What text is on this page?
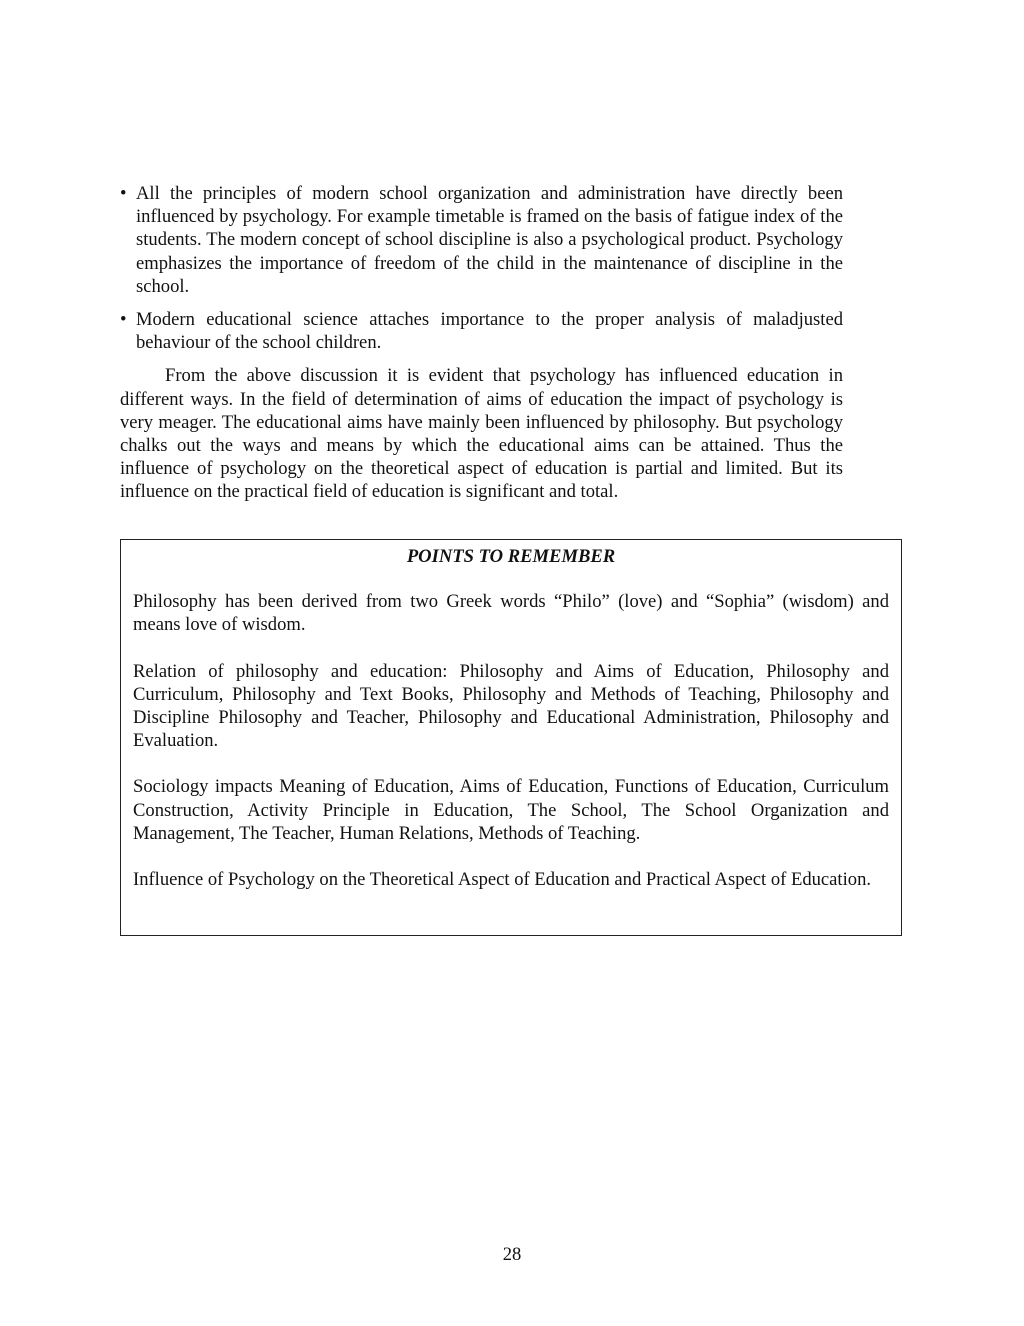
• All the principles of modern school organization and administration have directly been influenced by psychology. For example timetable is framed on the basis of fatigue index of the students. The modern concept of school discipline is also a psychological product. Psychology emphasizes the importance of freedom of the child in the maintenance of discipline in the school.
• Modern educational science attaches importance to the proper analysis of maladjusted behaviour of the school children.

From the above discussion it is evident that psychology has influenced education in different ways. In the field of determination of aims of education the impact of psychology is very meager. The educational aims have mainly been influenced by philosophy. But psychology chalks out the ways and means by which the educational aims can be attained. Thus the influence of psychology on the theoretical aspect of education is partial and limited. But its influence on the practical field of education is significant and total.

POINTS TO REMEMBER

Philosophy has been derived from two Greek words “Philo” (love) and “Sophia” (wisdom) and means love of wisdom.

Relation of philosophy and education: Philosophy and Aims of Education, Philosophy and Curriculum, Philosophy and Text Books, Philosophy and Methods of Teaching, Philosophy and Discipline Philosophy and Teacher, Philosophy and Educational Administration, Philosophy and Evaluation.

Sociology impacts Meaning of Education, Aims of Education, Functions of Education, Curriculum Construction, Activity Principle in Education, The School, The School Organization and Management, The Teacher, Human Relations, Methods of Teaching.

Influence of Psychology on the Theoretical Aspect of Education and Practical Aspect of Education.

28
